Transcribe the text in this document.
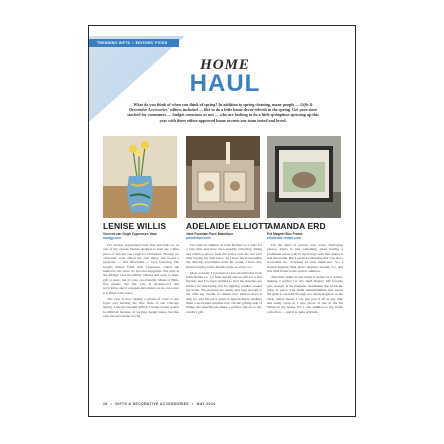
TRENDING GIFTS • EDITORS' PICKS
HOME
HAUL
What do you think of when you think of spring? In addition to spring cleaning, many people — Gifts & Decorative Accessories' editors included — like to do a little home decor refresh in the spring. Get your store stocked for consumers — budget conscious or not — who are looking to do a little springtime sprucing up this year with three editor-approved home accents our team tested and loved.
LENISE WILLIS
Vincent van Gogh Cypresses Vase
modgy.com

I've always appreciated both fine and folk art, as one of my closest friends decided to send me a little piece of Vincent van Gogh for Christmas. Though we obviously can't afford the real thing, she found a gorgeous — and affordable — vase featuring Van Gogh's Wheat Field with Cypresses, which she mailed to me since it's fun and enjoyable. Not only is the Modgy vase incredibly vibrant and easy to mail, gift or store, but it's also eco-friendly. Made of BPA-free plastic, the flat vase is shatterproof and recyclable, and it expands and stands on its own once it is filled with water.

The vase is now adding a splash of color to my foyer and holding the first buds of our Chicago spring. I always thought gifting a home accent would be difficult because of varying design tastes, but this vase has proved me wrong.

ADELAIDE ELLIOTT
Jane Fountain Face Matchbox
johnderian.com

I've been an admirer of John Derian Co.'s style for a long time and have been steadily collecting dining and tabletop pieces from the brand over the last year after buying my first piece. As I have been expanding my tabletop assortment from the brand, I have also started buying some smaller items as extra, too.

Most recently, I purchased a few matchboxes from John Derian Co. for both myself and as gifts for a few friends, and I've been thrilled to find the matches are perfect for displaying and for lighting candles around my home. The matches are sturdy and long enough to use with any candle, no matter how burned down it may be, and the price point is approachable, making them a no-brainer impulse buy. On the gifting side of things, the matchboxes make a perfect add-on to any candle I gift.

AMANDA ERD
Pet Magnet Box Frame
wholesale.tempe.com

I'm the kind of person who loves displaying photos. There is just something about having a prominent photo wall in my living room that makes it feel like home. But I needed something that was more accessible for swapping in new memories. So, I started keeping little photo displays around, too, and this little frame is the perfect addition.

This little frame is just under 6 inches by 6 inches, making it perfect for any shelf display. My favorite part, though, is the magnetic attachment that holds the glass in place. The small embellishment that keeps the glass is secured through two small magnets on the back, which means I can just pop it off at any time and easily swap in a new photo of one of the fur babies in my house. It's a cute addition to my frame collection — and it is quite efficient.

18 • GIFTS & DECORATIVE ACCESSORIES • MAY 2024
